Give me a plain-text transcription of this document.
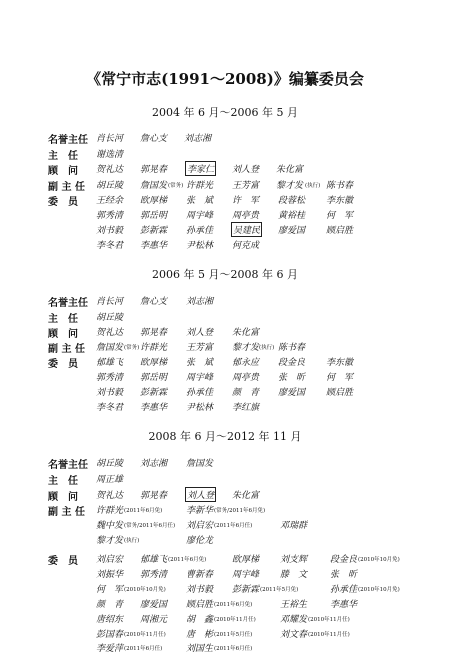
《常宁市志(1991～2008)》编纂委员会
2004 年 6 月～2006 年 5 月
名誉主任 肖长河 詹心支 刘志湘
主　任 谢选清
顾　问 贺礼达 郭晃春 李家仁 刘人登 朱化富
副 主 任 胡丘陵 詹国发 (常务) 许群光 王芳富 黎才发 (执行) 陈书春
委　员 王经余 欧厚梯 张　斌 许　军 段蓉松 李东徽
郭秀清 郭岳明 周宇峰 周亭贵 黄裕桂 何　军
刘书毅 彭新霖 孙承佳 吴建民 廖爱国 顾启胜
李冬君 李惠华 尹松林 何克成
2006 年 5 月～2008 年 6 月
名誉主任 肖长河 詹心支 刘志湘
主　任 胡丘陵
顾　问 贺礼达 郭晃春 刘人登 朱化富
副 主 任 詹国发 (常务) 许群光 王芳富 黎才发 (执行) 陈书春
委　员 郁雄飞 欧厚梯 张　斌 郁永应 段金良 李东徽
郭秀清 郭岳明 周宇峰 周亭贵 张　昕 何　军
刘书毅 彭新霖 孙承佳 颜　青 廖爱国 顾启胜
李冬君 李惠华 尹松林 李红旗
2008 年 6 月～2012 年 11 月
名誉主任 胡丘陵 刘志湘 詹国发
主　任 周正雄
顾　问 贺礼达 郭晃春 刘人登 朱化富
副 主 任 许群光 (2011年6月免)	李新华 (常务/2011年6月免)
魏中发 (常务/2011年6月任) 刘启宏 (2011年6月任)	邓瑞群
黎才发 (执行)	廖伦龙
委　员 刘启宏 郁雄飞 (2011年6月免)	欧厚梯 刘支辉	段金良 (2010年10月免)
刘振华 郭秀清 曹新春 周宇峰 滕　文	张　昕
何　军 (2010年10月免) 刘书毅 彭新霖 (2011年5月免)	孙承佳 (2010年10月免)
颜　青 廖爱国 顾启胜 (2011年6月免)	王裕生	李惠华
唐绍东 周湘元 胡　鑫 (2010年11月任)	邓耀发 (2010年11月任)
彭国春 (2010年11月任) 唐　彬 (2011年5月任)	刘文春 (2010年11月任)
李爱萍 (2011年6月任)	刘国生 (2011年6月任)
